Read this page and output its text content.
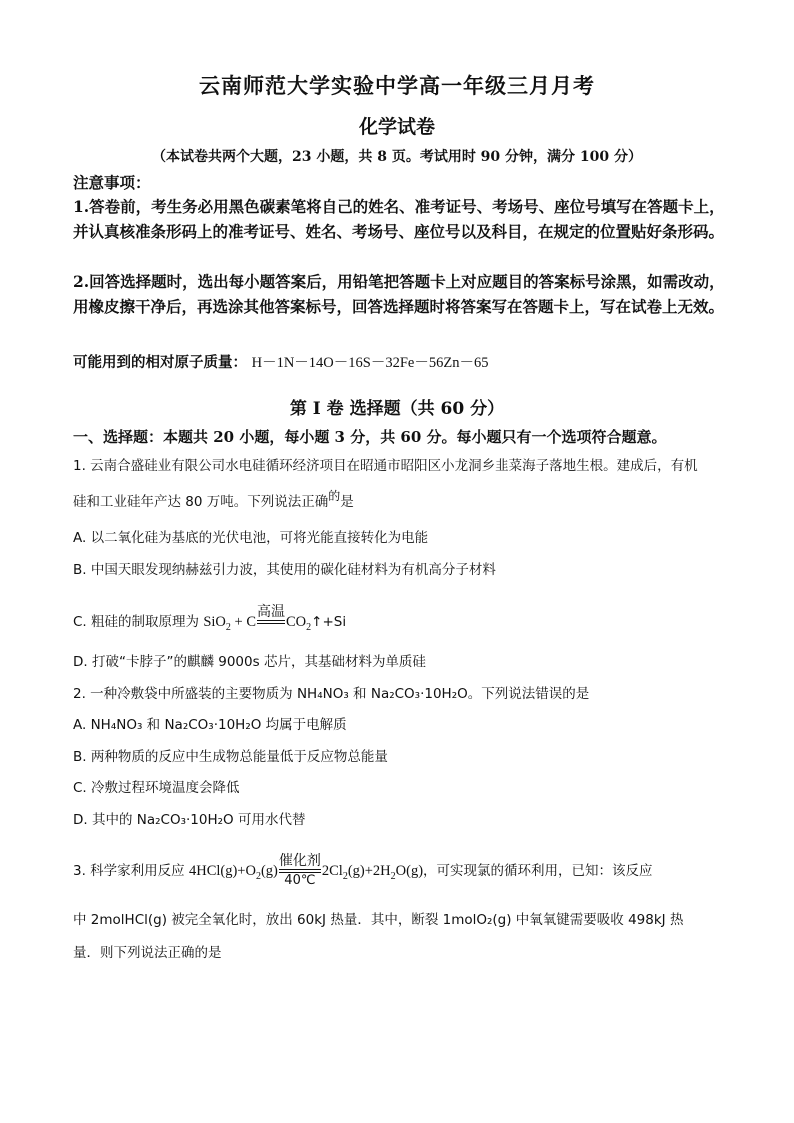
云南师范大学实验中学高一年级三月月考
化学试卷
（本试卷共两个大题，23 小题，共 8 页。考试用时 90 分钟，满分 100 分）
注意事项：
1.答卷前，考生务必用黑色碳素笔将自己的姓名、准考证号、考场号、座位号填写在答题卡上，并认真核准条形码上的准考证号、姓名、考场号、座位号以及科目，在规定的位置贴好条形码。
2.回答选择题时，选出每小题答案后，用铅笔把答题卡上对应题目的答案标号涂黑，如需改动，用橡皮擦干净后，再选涂其他答案标号，回答选择题时将答案写在答题卡上，写在试卷上无效。
可能用到的相对原子质量： H－1N－14O－16S－32Fe－56Zn－65
第 I 卷 选择题（共 60 分）
一、选择题：本题共 20 小题，每小题 3 分，共 60 分。每小题只有一个选项符合题意。
1. 云南合盛硅业有限公司水电硅循环经济项目在昭通市昭阳区小龙洞乡韭菜海子落地生根。建成后，有机
硅和工业硅年产达 80 万吨。下列说法正确的是
A. 以二氧化硅为基底的光伏电池，可将光能直接转化为电能
B. 中国天眼发现纳赫兹引力波，其使用的碳化硅材料为有机高分子材料
C. 粗硅的制取原理为 SiO$_2$ + C
高温
$CO_2↑+Si$
D. 打破“卡脖子”的麒麟 9000s 芯片，其基础材料为单质硅
2. 一种冷敷袋中所盛装的主要物质为 NH₄NO₃ 和 Na₂CO₃·10H₂O。下列说法错误的是
A. NH₄NO₃ 和 Na₂CO₃·10H₂O 均属于电解质
B. 两种物质的反应中生成物总能量低于反应物总能量
C. 冷敷过程环境温度会降低
D. 其中的 Na₂CO₃·10H₂O 可用水代替
3. 科学家利用反应 $4HCl(g)+O_2(g)$
催化剂
40℃
$2Cl_2(g)+2H_2O(g)$，可实现氯的循环利用，已知：该反应
中 2molHCl(g) 被完全氧化时，放出 60kJ 热量．其中，断裂 1molO₂(g) 中氧氧键需要吸收 498kJ 热
量．则下列说法正确的是
